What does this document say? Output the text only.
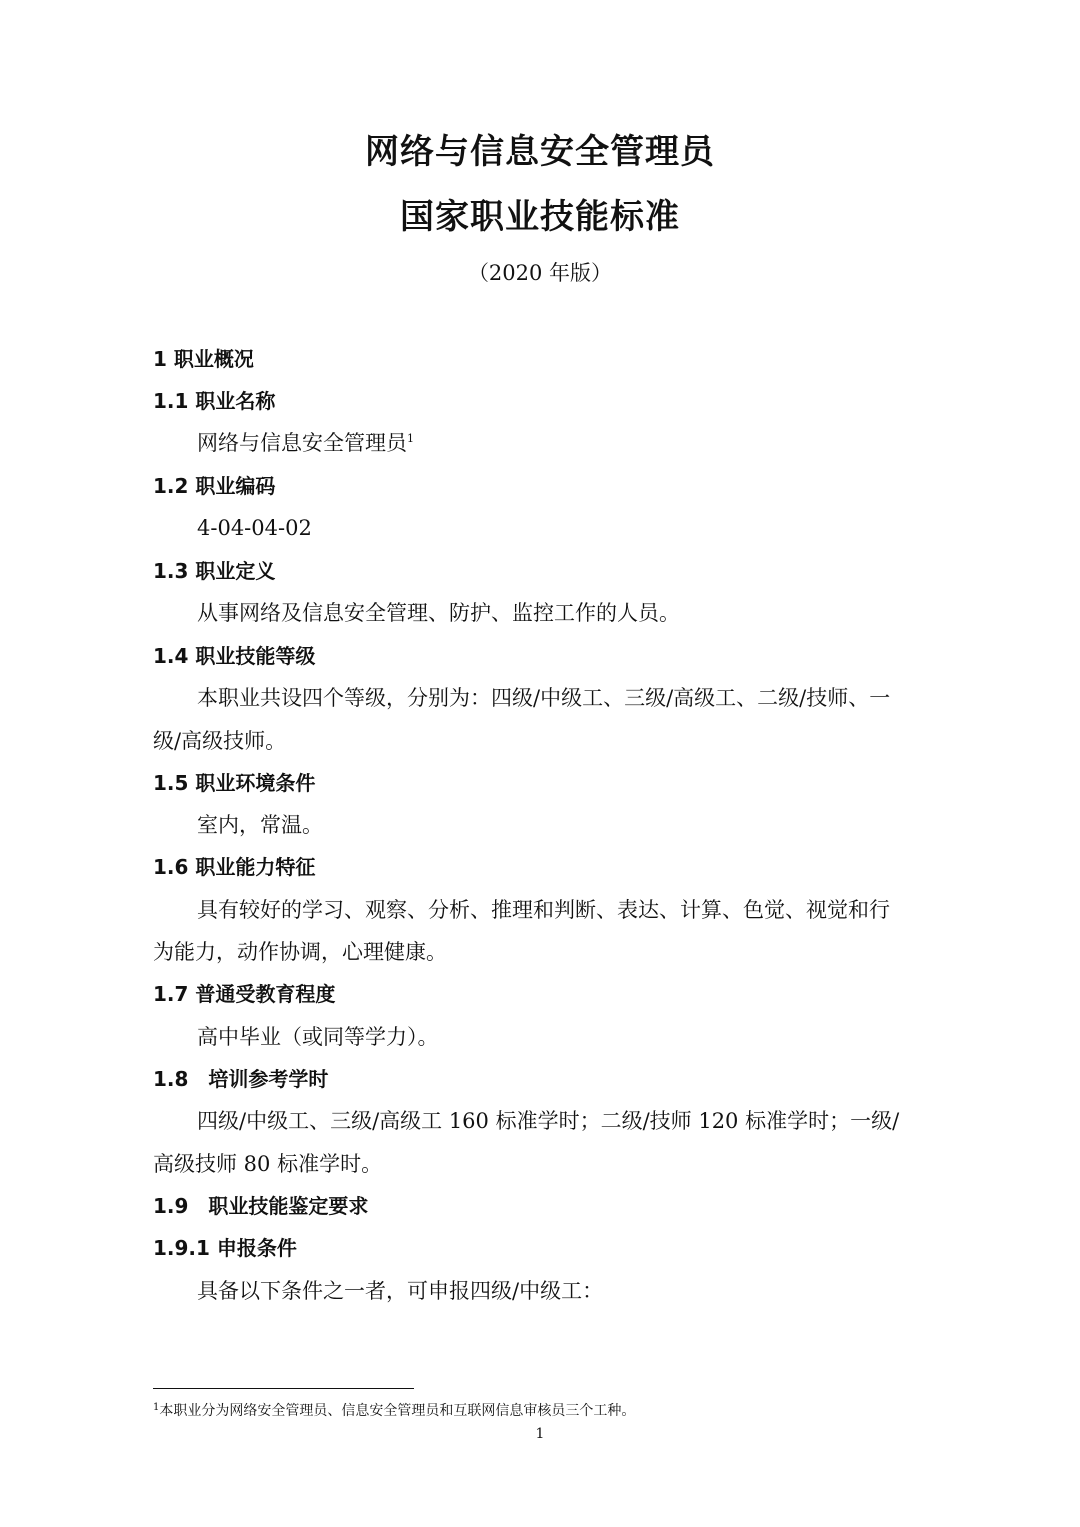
网络与信息安全管理员
国家职业技能标准
（2020 年版）
1 职业概况
1.1 职业名称
网络与信息安全管理员$^1$
1.2 职业编码
4-04-04-02
1.3 职业定义
从事网络及信息安全管理、防护、监控工作的人员。
1.4 职业技能等级
本职业共设四个等级，分别为：四级/中级工、三级/高级工、二级/技师、一
级/高级技师。
1.5 职业环境条件
室内，常温。
1.6 职业能力特征
具有较好的学习、观察、分析、推理和判断、表达、计算、色觉、视觉和行
为能力，动作协调，心理健康。
1.7 普通受教育程度
高中毕业（或同等学力）。
1.8　培训参考学时
四级/中级工、三级/高级工 160 标准学时；二级/技师 120 标准学时；一级/
高级技师 80 标准学时。
1.9　职业技能鉴定要求
1.9.1 申报条件
具备以下条件之一者，可申报四级/中级工：
$^1$本职业分为网络安全管理员、信息安全管理员和互联网信息审核员三个工种。
1
